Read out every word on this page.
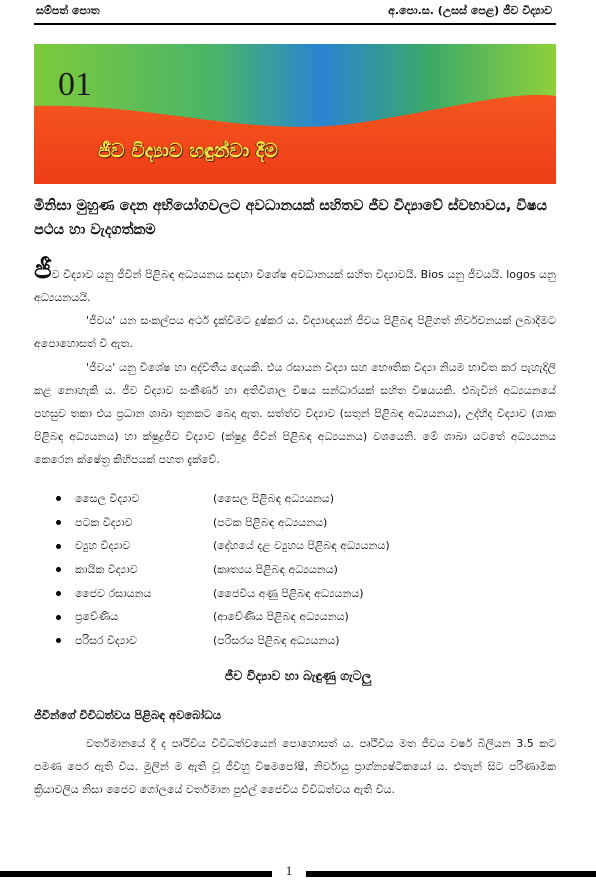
සම්පත් පොත	අ.පො.ස. (උසස් පෙළ) ජීව විද්‍යාව
01
ජීව විද්‍යාව හඳුන්වා දීම
මිනිසා මුහුණ දෙන අභියෝගවලට අවධානයක් සහිතව ජීව විද්‍යාවේ ස්වභාවය, විෂය පථය හා වැදගත්කම
ජීව විද්‍යාව යනු ජීවීන් පිළිබඳ අධ්‍යයනය සඳහා විශේෂ අවධානයක් සහිත විද්‍යාවයි. Bios යනු ජීවයයි. logos යනු අධ්‍යයනයයි.
'ජීවය' යන සංකල්පය අර්ථ දැක්වීමට දුෂ්කර ය. විද්‍යාඥයන් ජීවය පිළිබඳ පිළිගත් නිර්වචනයක් ලබාදීමට අපොහොසත් වී ඇත.
'ජීවය' යනු විශේෂ හා අද්විතීය දෙයකි. එය රසායන විද්‍යා සහ භෞතික විද්‍යා නියම භාවිත කර පැහැදිලි කළ නොහැකි ය. ජීව විද්‍යාව සංකීර්ණ හා අතිවිශාල විෂය සන්ධාරයක් සහිත විෂයයකි. එබැවින් අධ්‍යයනයේ පහසුව තකා එය ප්‍රධාන ශාඛා තුනකට බෙදා ඇත. සත්ත්ව විද්‍යාව (සතුන් පිළිබඳ අධ්‍යයනය), උද්භිද විද්‍යාව (ශාක පිළිබඳ අධ්‍යයනය) හා ක්ෂුද්‍රජීව විද්‍යාව (ක්ෂුද්‍ර ජීවීන් පිළිබඳ අධ්‍යයනය) වශයෙනි. මේ ශාඛා යටතේ අධ්‍යයනය කෙරෙන ක්ෂේත්‍ර කිහිපයක් පහත දැක්වේ.
සෛල විද්‍යාව	(සෛල පිළිබඳ අධ්‍යයනය)
පටක විද්‍යාව	(පටක පිළිබඳ අධ්‍යයනය)
ව්‍යුහ විද්‍යාව	(දේහයේ දළ ව්‍යුහය පිළිබඳ අධ්‍යයනය)
කායික විද්‍යාව	(කෘත්‍යය පිළිබඳ අධ්‍යයනය)
ජෛව රසායනය	(ජෛවීය අණු පිළිබඳ අධ්‍යයනය)
ප්‍රවේණිය	(ආවේණිය පිළිබඳ අධ්‍යයනය)
පරිසර විද්‍යාව	(පරිසරය පිළිබඳ අධ්‍යයනය)
ජීව විද්‍යාව හා බැඳුණු ගැටලු
ජීවීන්ගේ විවිධත්වය පිළිබඳ අවබෝධය
වර්තමානයේ දී ද පෘථිවිය විවිධත්වයෙන් පොහොසත් ය. පෘථිවිය මත ජීවය වර්ෂ බිලියන 3.5 කට පමණ පෙර ඇති විය. මුලින් ම ඇති වූ ජීවීහු විෂමපෝෂී, නිර්වායු ප්‍රාග්න්‍යෂ්ටිකයෝ ය. එතැන් සිට පරිණාමික ක්‍රියාවලිය නිසා ජෛව ගෝලයේ වර්තමාන පුළුල් ජෛවීය විවිධත්වය ඇති විය.
1
